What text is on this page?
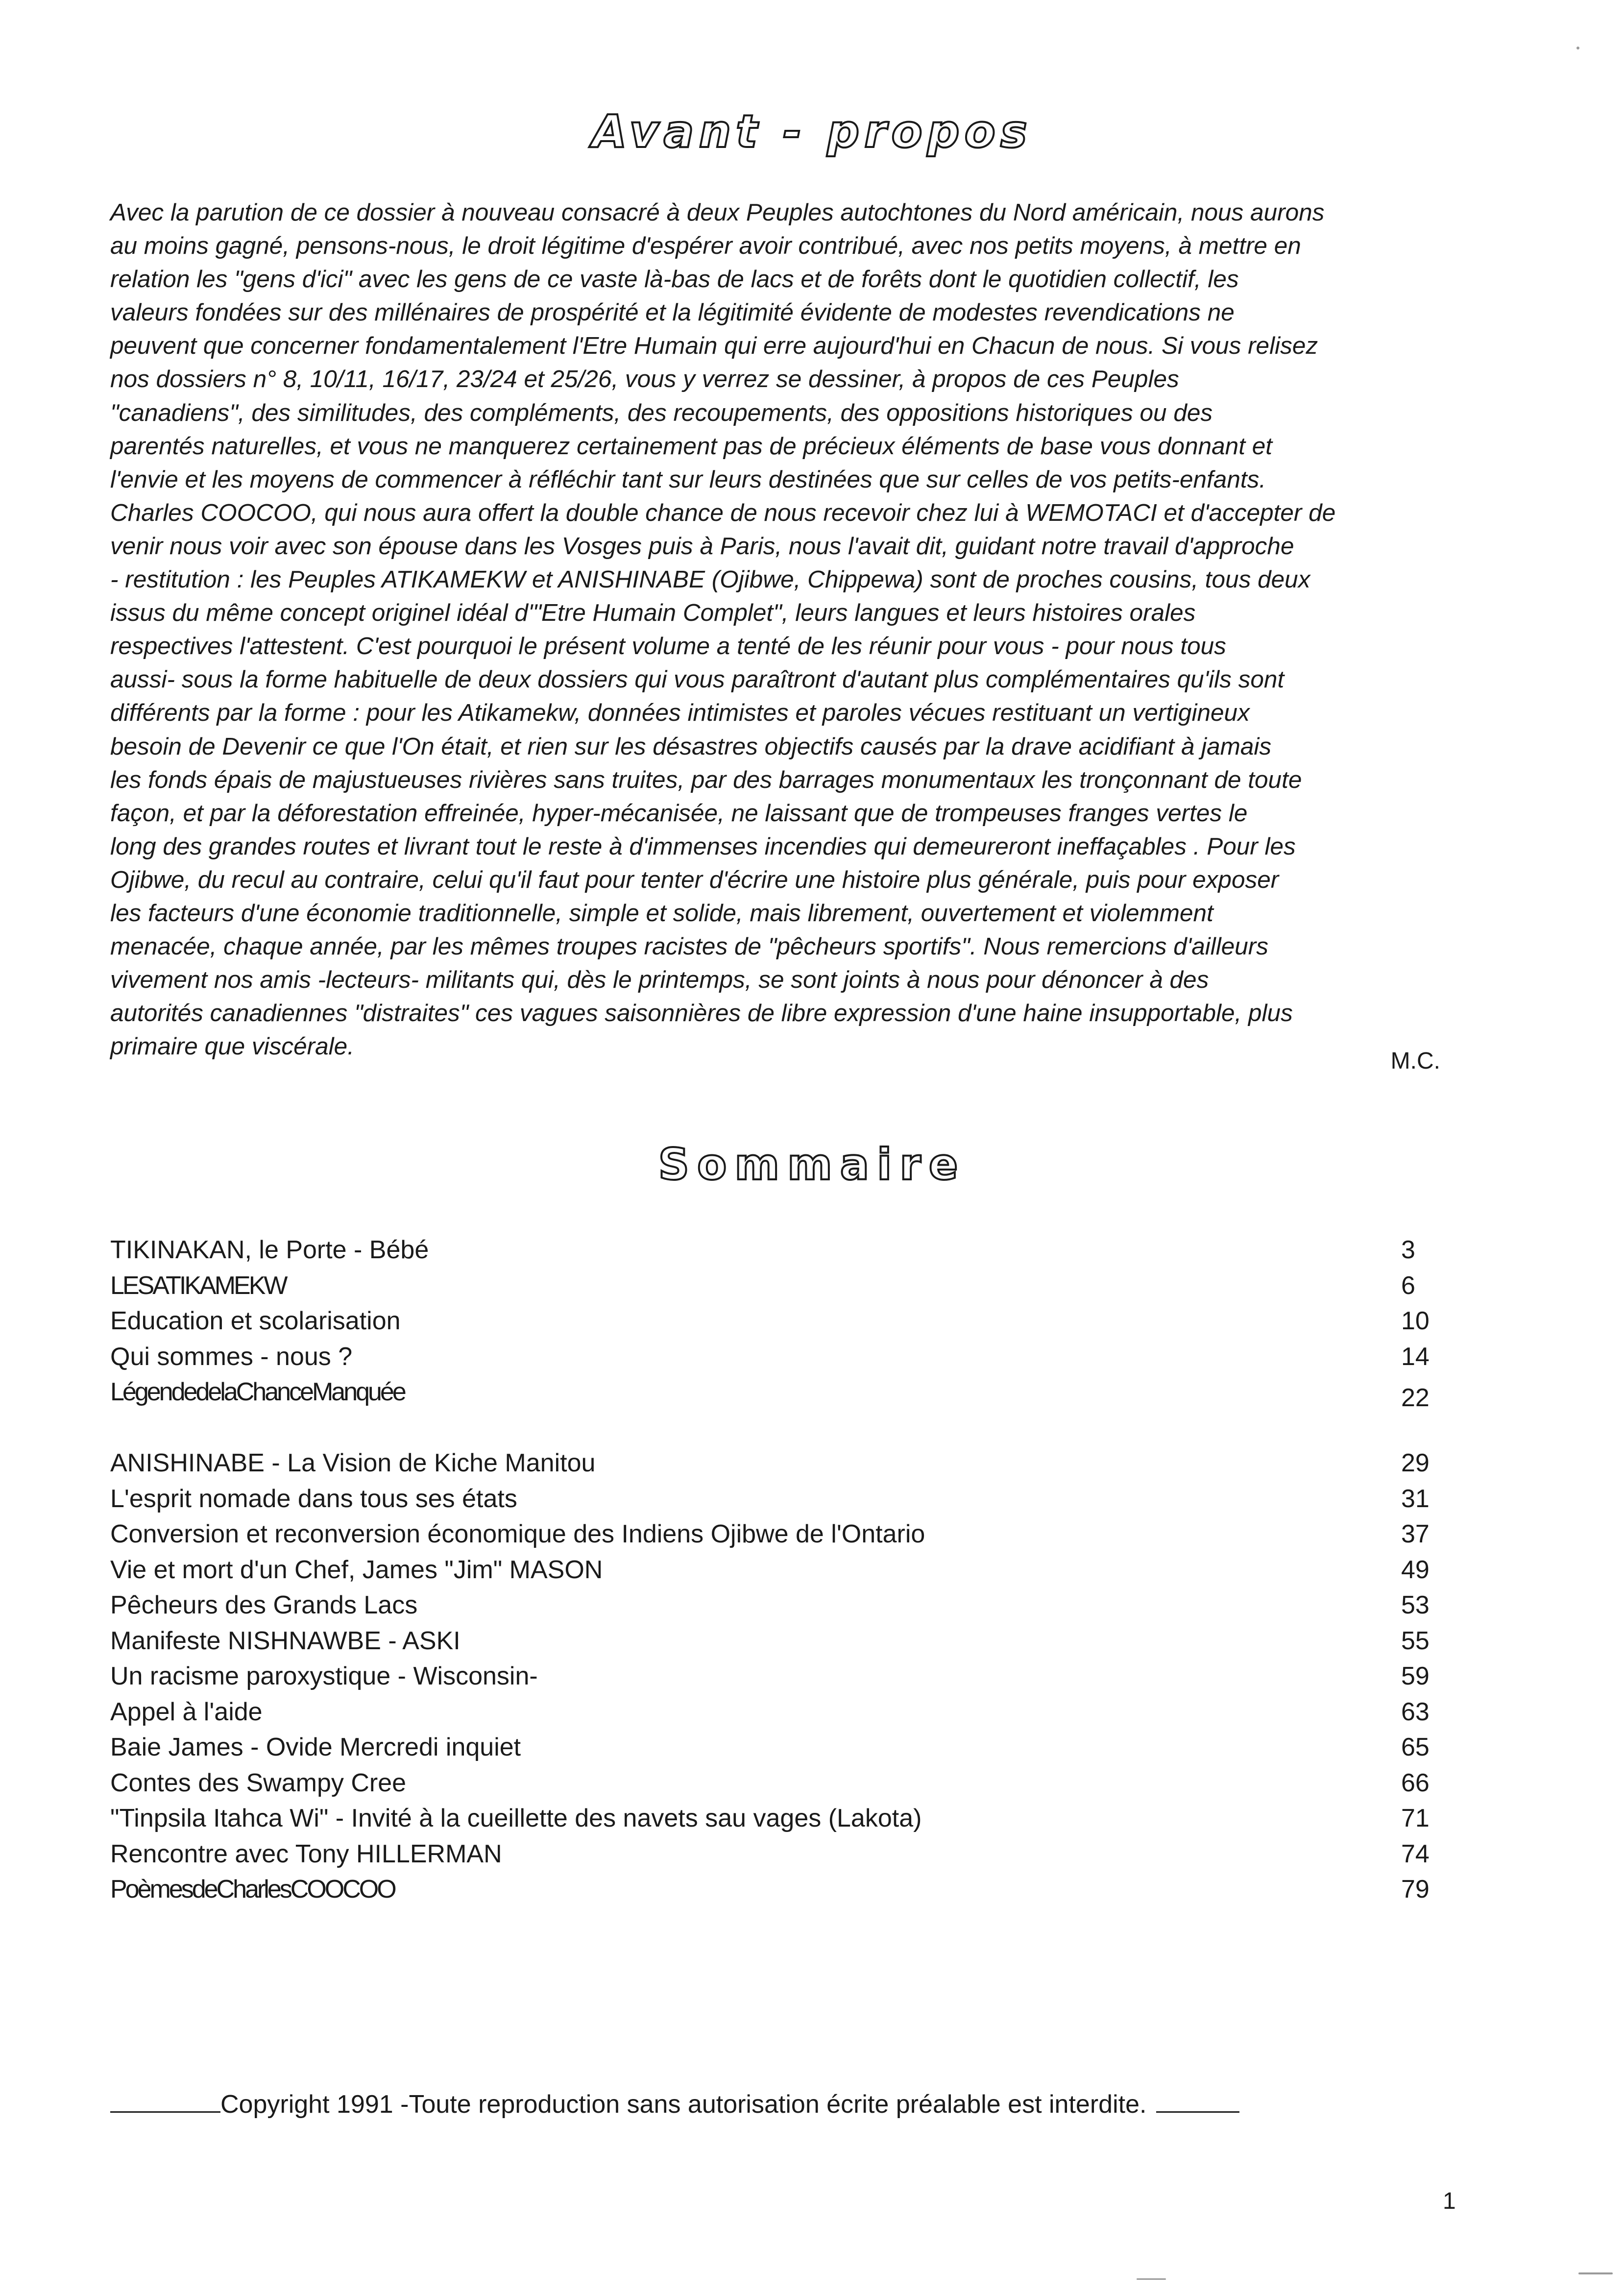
Avant - propos

Avec la parution de ce dossier à nouveau consacré à deux Peuples autochtones du Nord américain, nous aurons
au moins gagné, pensons-nous, le droit légitime d'espérer avoir contribué, avec nos petits moyens, à mettre en
relation les "gens d'ici" avec les gens de ce vaste là-bas de lacs et de forêts dont le quotidien collectif, les
valeurs fondées sur des millénaires de prospérité et la légitimité évidente de modestes revendications ne
peuvent que concerner fondamentalement l'Etre Humain qui erre aujourd'hui en Chacun de nous. Si vous relisez
nos dossiers n° 8, 10/11, 16/17, 23/24 et 25/26, vous y verrez se dessiner, à propos de ces Peuples
"canadiens", des similitudes, des compléments, des recoupements, des oppositions historiques ou des
parentés naturelles, et vous ne manquerez certainement pas de précieux éléments de base vous donnant et
l'envie et les moyens de commencer à réfléchir tant sur leurs destinées que sur celles de vos petits-enfants.
Charles COOCOO, qui nous aura offert la double chance de nous recevoir chez lui à WEMOTACI et d'accepter de
venir nous voir avec son épouse dans les Vosges puis à Paris, nous l'avait dit, guidant notre travail d'approche
- restitution : les Peuples ATIKAMEKW et ANISHINABE (Ojibwe, Chippewa) sont de proches cousins, tous deux
issus du même concept originel idéal d'"Etre Humain Complet", leurs langues et leurs histoires orales
respectives l'attestent. C'est pourquoi le présent volume a tenté de les réunir pour vous - pour nous tous
aussi- sous la forme habituelle de deux dossiers qui vous paraîtront d'autant plus complémentaires qu'ils sont
différents par la forme : pour les Atikamekw, données intimistes et paroles vécues restituant un vertigineux
besoin de Devenir ce que l'On était, et rien sur les désastres objectifs causés par la drave acidifiant à jamais
les fonds épais de majustueuses rivières sans truites, par des barrages monumentaux les tronçonnant de toute
façon, et par la déforestation effreinée, hyper-mécanisée, ne laissant que de trompeuses franges vertes le
long des grandes routes et livrant tout le reste à d'immenses incendies qui demeureront ineffaçables . Pour les
Ojibwe, du recul au contraire, celui qu'il faut pour tenter d'écrire une histoire plus générale, puis pour exposer
les facteurs d'une économie traditionnelle, simple et solide, mais librement, ouvertement et violemment
menacée, chaque année, par les mêmes troupes racistes de "pêcheurs sportifs". Nous remercions d'ailleurs
vivement nos amis -lecteurs- militants qui, dès le printemps, se sont joints à nous pour dénoncer à des
autorités canadiennes "distraites" ces vagues saisonnières de libre expression d'une haine insupportable, plus
primaire que viscérale.

M.C.
Sommaire
TIKINAKAN, le Porte - Bébé	3
LESATIKAMEKW	6
Education et scolarisation	10
Qui sommes - nous ?	14
LégendedelaChanceManquée	22
ANISHINABE - La Vision de Kiche Manitou	29
L'esprit nomade dans tous ses états	31
Conversion et reconversion économique des Indiens Ojibwe de l'Ontario	37
Vie et mort d'un Chef, James "Jim" MASON	49
Pêcheurs des Grands Lacs	53
Manifeste NISHNAWBE - ASKI	55
Un racisme paroxystique - Wisconsin-	59
Appel à l'aide	63
Baie James - Ovide Mercredi inquiet	65
Contes des Swampy Cree	66
"Tinpsila Itahca Wi" - Invité à la cueillette des navets sau vages (Lakota)	71
Rencontre avec Tony HILLERMAN	74
PoèmesdeCharlesCOOCOO	79
Copyright 1991 -Toute reproduction sans autorisation écrite préalable est interdite.
1
